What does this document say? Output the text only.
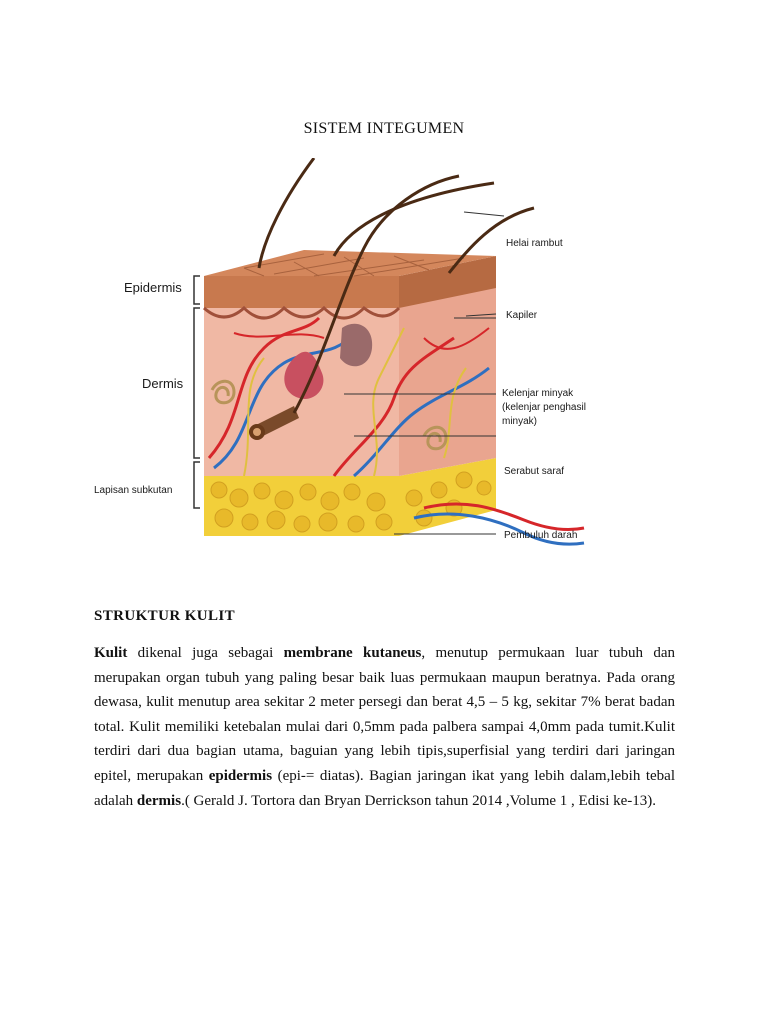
SISTEM INTEGUMEN
Epidermis
Dermis
Lapisan subkutan
Helai rambut
Kapiler
Kelenjar minyak
(kelenjar penghasil
minyak)
Serabut saraf
Pembuluh darah
STRUKTUR KULIT

Kulit dikenal juga sebagai membrane kutaneus, menutup permukaan luar tubuh dan merupakan organ tubuh yang paling besar baik luas permukaan maupun beratnya. Pada orang dewasa, kulit menutup area sekitar 2 meter persegi dan berat 4,5 – 5 kg, sekitar 7% berat badan total. Kulit memiliki ketebalan mulai dari 0,5mm pada palbera sampai 4,0mm pada tumit.Kulit terdiri dari dua bagian utama, baguian yang lebih tipis,superfisial yang terdiri dari jaringan epitel, merupakan epidermis (epi-= diatas). Bagian jaringan ikat yang lebih dalam,lebih tebal adalah dermis.( Gerald J. Tortora dan Bryan Derrickson tahun 2014 ,Volume 1 , Edisi ke-13).
